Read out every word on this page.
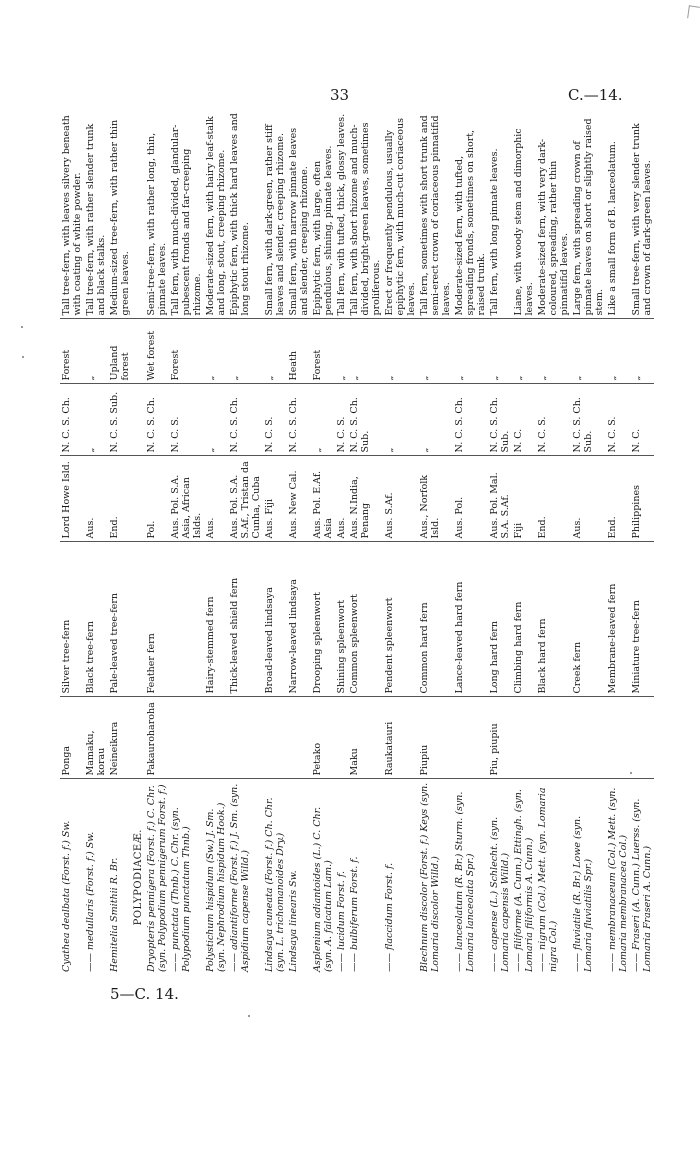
33	C.—14.
5—C. 14.
Cyathea dealbata (Forst. f.) Sw.	Ponga	Silver tree-fern	Lord Howe Isld.	N. C. S. Ch.	Forest	Tall tree-fern, with leaves silvery beneath with coating of white powder.
—— medullaris (Forst. f.) Sw.	Mamaku, korau	Black tree-fern	Aus.	„	„	Tall tree-fern, with rather slender trunk and black stalks.
Hemitelia Smithii R. Br.	Neineikura	Pale-leaved tree-fern	End.	N. C. S. Sub.	Upland forest	Medium-sized tree-fern, with rather thin green leaves.
POLYPODIACEÆ.						
Dryopteris pennigera (Forst. f.) C. Chr. (syn. Polypodium pennigerum Forst. f.)	Pakauroharoha	Feather fern	Pol.	N. C. S. Ch.	Wet forest	Semi-tree-fern, with rather long, thin, pinnate leaves.
—— punctata (Thnb.) C. Chr. (syn. Polypodium punctatum Thnb.)			Aus. Pol. S.A. Asia, African Islds.	N. C. S.	Forest	Tall fern, with much-divided, glandular-pubescent fronds and far-creeping rhizome.
Polystichum hispidum (Sw.) J. Sm. (syn. Nephrodium hispidum Hook.)		Hairy-stemmed fern	Aus.	„	„	Moderate-sized fern, with hairy leaf-stalk and long, stout, creeping rhizome.
—— adiantiforme (Forst. f.) J. Sm. (syn. Aspidium capense Willd.)		Thick-leaved shield fern	Aus. Pol. S.A. S.Af., Tristan da Cunha, Cuba	N. C. S. Ch.	„	Epiphytic fern, with thick hard leaves and long stout rhizome.
Lindsaya cuneata (Forst. f.) Ch. Chr. (syn. L. trichomanoides Dry.)		Broad-leaved lindsaya	Aus. Fiji	N. C. S.	„	Small fern, with dark-green, rather stiff leaves and slender, creeping rhizome.
Lindsaya linearis Sw.		Narrow-leaved lindsaya	Aus. New Cal.	N. C. S. Ch.	Heath	Small fern, with narrow pinnate leaves and slender, creeping rhizome.
Asplenium adiantoides (L.) C. Chr. (syn. A. falcatum Lam.)	Petako	Drooping spleenwort	Aus. Pol. E.Af. Asia	„	Forest	Epiphytic fern, with large, often pendulous, shining, pinnate leaves.
—— lucidum Forst. f.		Shining spleenwort	Aus.	N. C. S.	„	Tall fern, with tufted, thick, glossy leaves.
—— bulbiferum Forst. f.	Maku	Common spleenwort	Aus. N.India, Penang	N. C. S. Ch. Sub.	„	Tall fern, with short rhizome and much-divided, bright-green leaves, sometimes proliferous.
—— flaccidum Forst. f.	Raukatauri	Pendent spleenwort	Aus. S.Af.	„	„	Erect or frequently pendulous, usually epiphytic fern, with much-cut coriaceous leaves.
Blechnum discolor (Forst. f.) Keys (syn. Lomaria discolor Willd.)	Piupiu	Common hard fern	Aus., Norfolk Isld.	„	„	Tall fern, sometimes with short trunk and semi-erect crown of coriaceous pinnatifid leaves.
—— lanceolatum (R. Br.) Sturm. (syn. Lomaria lanceolata Spr.)		Lance-leaved hard fern	Aus. Pol.	N. C. S. Ch.	„	Moderate-sized fern, with tufted, spreading fronds, sometimes on short, raised trunk.
—— capense (L.) Schlecht. (syn. Lomaria capensis Willd.)	Piu, piupiu	Long hard fern	Aus. Pol. Mal. S.A. S.Af.	N. C. S. Ch. Sub.	„	Tall fern, with long pinnate leaves.
—— filiforme (A. Cunn.) Ettingh. (syn. Lomaria filiformis A. Cunn.)		Climbing hard fern	Fiji	N. C.	„	Liane, with woody stem and dimorphic leaves.
—— nigrum (Col.) Mett. (syn. Lomaria nigra Col.)		Black hard fern	End.	N. C. S.	„	Moderate-sized fern, with very dark-coloured, spreading, rather thin pinnatifid leaves.
—— fluviatile (R. Br.) Lowe (syn. Lomaria fluviatilis Spr.)		Creek fern	Aus.	N. C. S. Ch. Sub.	„	Large fern, with spreading crown of pinnate leaves on short or slightly raised stem.
—— membranaceum (Col.) Mett. (syn. Lomaria membranacea Col.)		Membrane-leaved fern	End.	N. C. S.	„	Like a small form of B. lanceolatum.
—— Fraseri (A. Cunn.) Luerss. (syn. Lomaria Fraseri A. Cunn.)		Miniature tree-fern	Philippines	N. C.	„	Small tree-fern, with very slender trunk and crown of dark-green leaves.
